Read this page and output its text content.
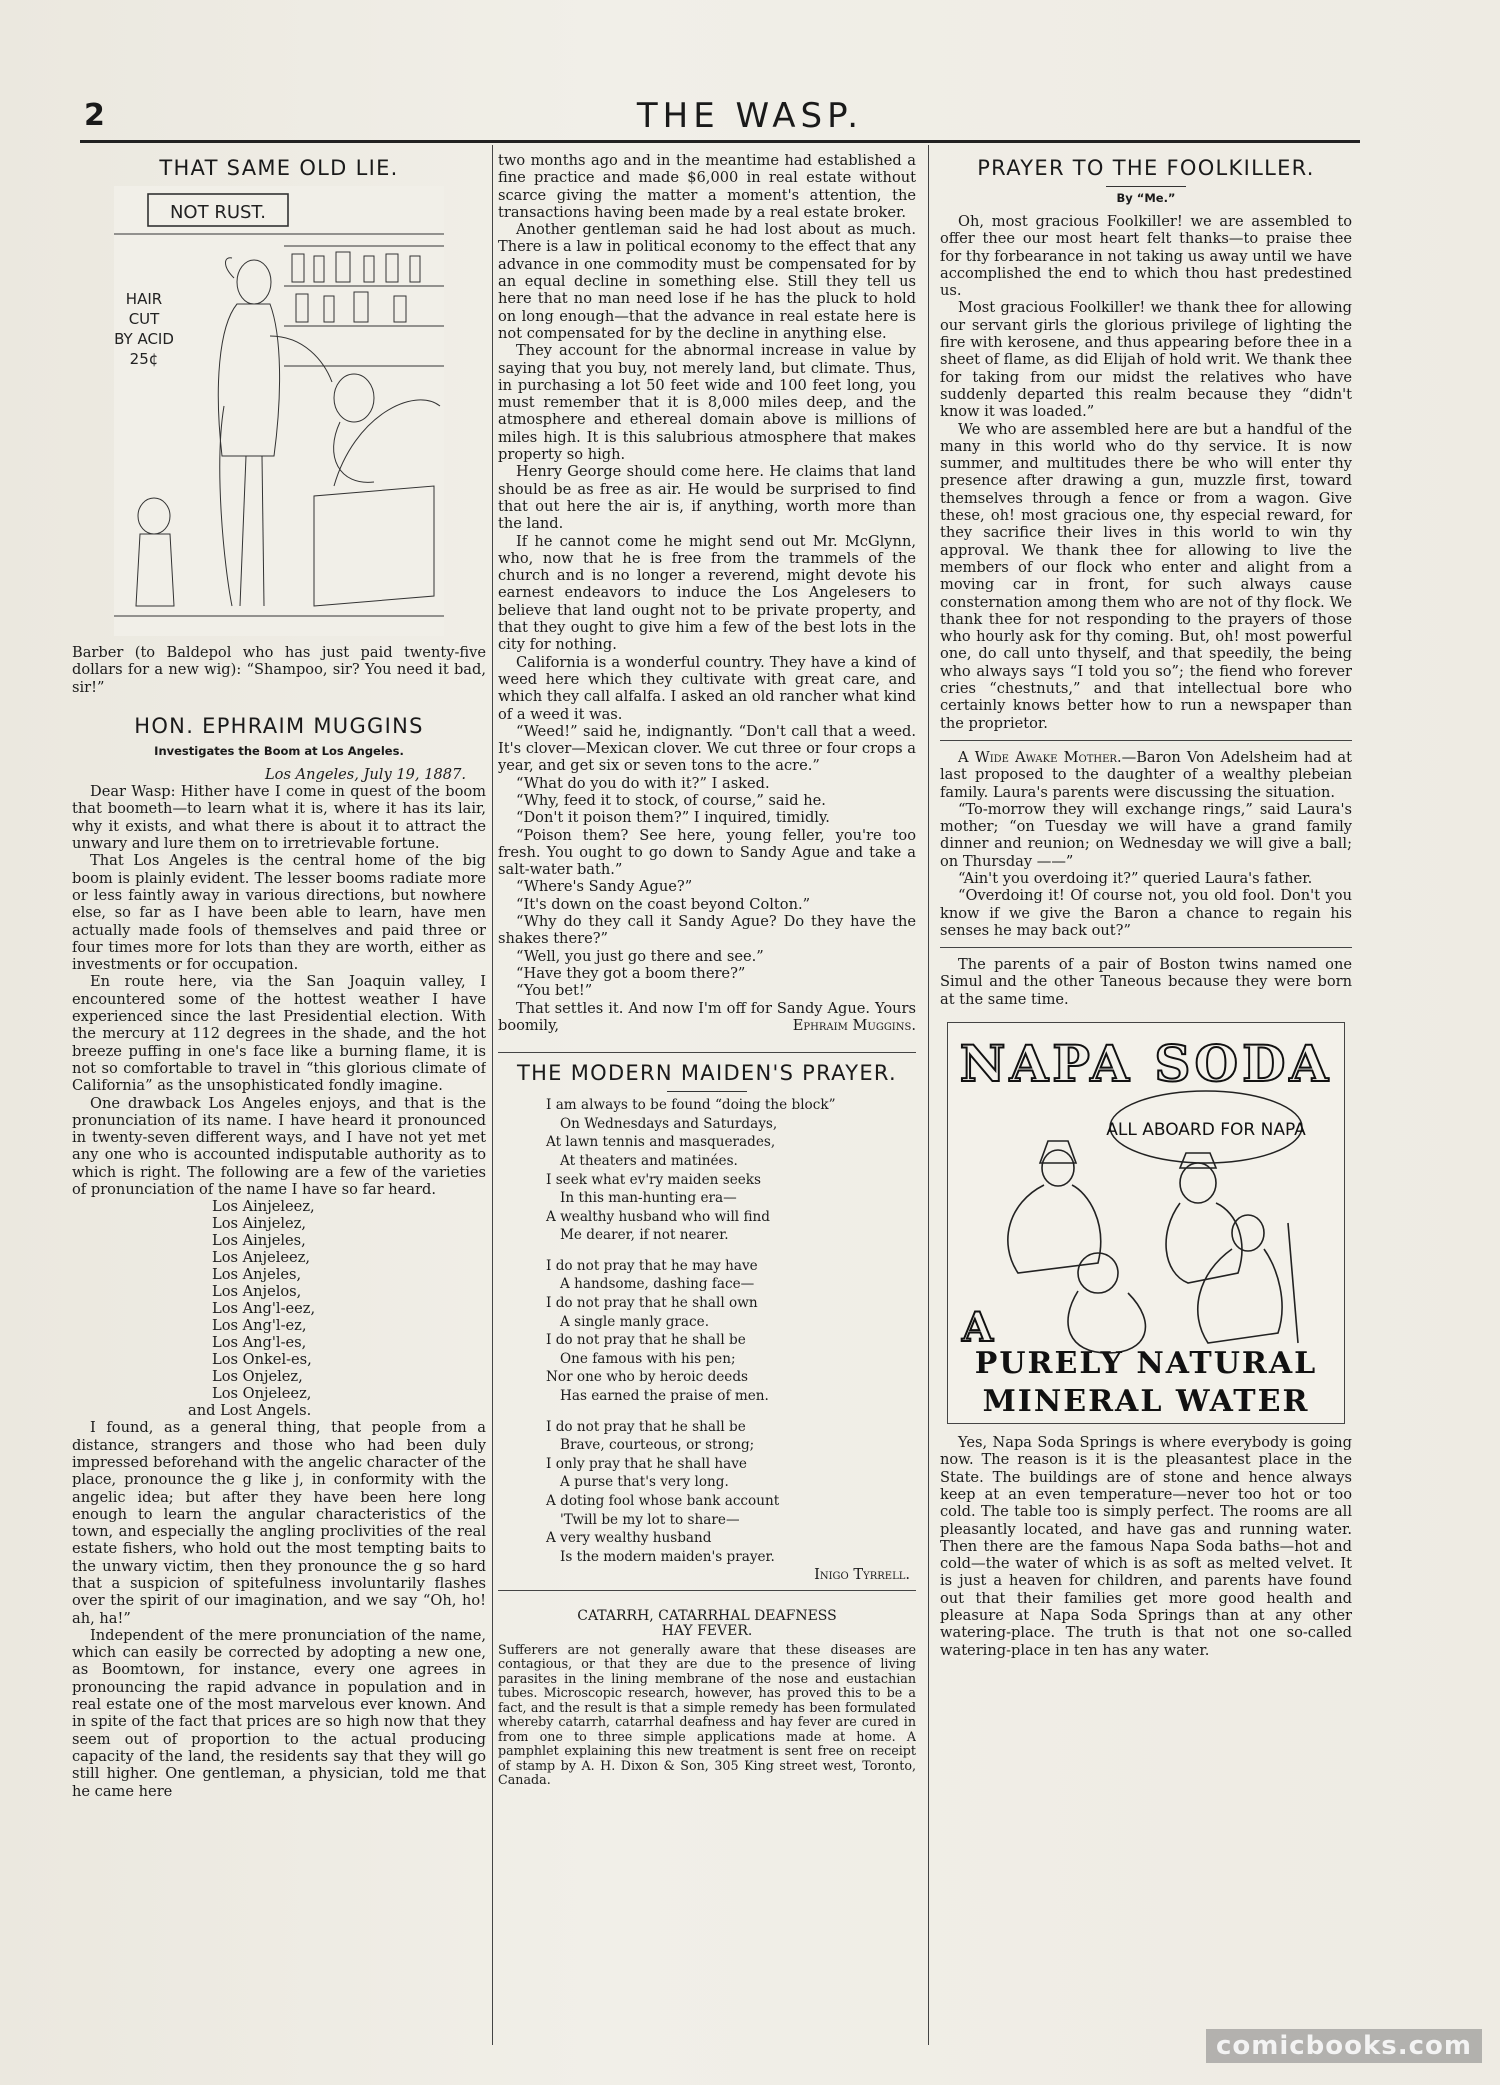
2	THE WASP.
THAT SAME OLD LIE.
NOT RUST.
HAIR
CUT
BY ACID
25¢

Barber (to Baldepol who has just paid twenty-five dollars for a new wig): “Shampoo, sir? You need it bad, sir!”

HON. EPHRAIM MUGGINS
Investigates the Boom at Los Angeles.
Los Angeles, July 19, 1887.

Dear Wasp: Hither have I come in quest of the boom that boometh—to learn what it is, where it has its lair, why it exists, and what there is about it to attract the unwary and lure them on to irretrievable fortune.

That Los Angeles is the central home of the big boom is plainly evident. The lesser booms radiate more or less faintly away in various directions, but nowhere else, so far as I have been able to learn, have men actually made fools of themselves and paid three or four times more for lots than they are worth, either as investments or for occupation.

En route here, via the San Joaquin valley, I encountered some of the hottest weather I have experienced since the last Presidential election. With the mercury at 112 degrees in the shade, and the hot breeze puffing in one's face like a burning flame, it is not so comfortable to travel in “this glorious climate of California” as the unsophisticated fondly imagine.

One drawback Los Angeles enjoys, and that is the pronunciation of its name. I have heard it pronounced in twenty-seven different ways, and I have not yet met any one who is accounted indisputable authority as to which is right. The following are a few of the varieties of pronunciation of the name I have so far heard.

Los Ainjeleez,
Los Ainjelez,
Los Ainjeles,
Los Anjeleez,
Los Anjeles,
Los Anjelos,
Los Ang'l-eez,
Los Ang'l-ez,
Los Ang'l-es,
Los Onkel-es,
Los Onjelez,
Los Onjeleez,
and Lost Angels.

I found, as a general thing, that people from a distance, strangers and those who had been duly impressed beforehand with the angelic character of the place, pronounce the g like j, in conformity with the angelic idea; but after they have been here long enough to learn the angular characteristics of the town, and especially the angling proclivities of the real estate fishers, who hold out the most tempting baits to the unwary victim, then they pronounce the g so hard that a suspicion of spitefulness involuntarily flashes over the spirit of our imagination, and we say “Oh, ho! ah, ha!”

Independent of the mere pronunciation of the name, which can easily be corrected by adopting a new one, as Boomtown, for instance, every one agrees in pronouncing the rapid advance in population and in real estate one of the most marvelous ever known. And in spite of the fact that prices are so high now that they seem out of proportion to the actual producing capacity of the land, the residents say that they will go still higher. One gentleman, a physician, told me that he came here

two months ago and in the meantime had established a fine practice and made $6,000 in real estate without scarce giving the matter a moment's attention, the transactions having been made by a real estate broker.

Another gentleman said he had lost about as much. There is a law in political economy to the effect that any advance in one commodity must be compensated for by an equal decline in something else. Still they tell us here that no man need lose if he has the pluck to hold on long enough—that the advance in real estate here is not compensated for by the decline in anything else.

They account for the abnormal increase in value by saying that you buy, not merely land, but climate. Thus, in purchasing a lot 50 feet wide and 100 feet long, you must remember that it is 8,000 miles deep, and the atmosphere and ethereal domain above is millions of miles high. It is this salubrious atmosphere that makes property so high.

Henry George should come here. He claims that land should be as free as air. He would be surprised to find that out here the air is, if anything, worth more than the land.

If he cannot come he might send out Mr. McGlynn, who, now that he is free from the trammels of the church and is no longer a reverend, might devote his earnest endeavors to induce the Los Angelesers to believe that land ought not to be private property, and that they ought to give him a few of the best lots in the city for nothing.

California is a wonderful country. They have a kind of weed here which they cultivate with great care, and which they call alfalfa. I asked an old rancher what kind of a weed it was.

“Weed!” said he, indignantly. “Don't call that a weed. It's clover—Mexican clover. We cut three or four crops a year, and get six or seven tons to the acre.”

“What do you do with it?” I asked.

“Why, feed it to stock, of course,” said he.

“Don't it poison them?” I inquired, timidly.

“Poison them? See here, young feller, you're too fresh. You ought to go down to Sandy Ague and take a salt-water bath.”

“Where's Sandy Ague?”

“It's down on the coast beyond Colton.”

“Why do they call it Sandy Ague? Do they have the shakes there?”

“Well, you just go there and see.”

“Have they got a boom there?”

“You bet!”

That settles it. And now I'm off for Sandy Ague. Yours boomily,	Ephraim Muggins.

THE MODERN MAIDEN'S PRAYER.
I am always to be found “doing the block”
On Wednesdays and Saturdays,
At lawn tennis and masquerades,
At theaters and matinées.
I seek what ev'ry maiden seeks
In this man-hunting era—
A wealthy husband who will find
Me dearer, if not nearer.
I do not pray that he may have
A handsome, dashing face—
I do not pray that he shall own
A single manly grace.
I do not pray that he shall be
One famous with his pen;
Nor one who by heroic deeds
Has earned the praise of men.
I do not pray that he shall be
Brave, courteous, or strong;
I only pray that he shall have
A purse that's very long.
A doting fool whose bank account
'Twill be my lot to share—
A very wealthy husband
Is the modern maiden's prayer.
Inigo Tyrrell.
CATARRH, CATARRHAL DEAFNESS
HAY FEVER.
Sufferers are not generally aware that these diseases are contagious, or that they are due to the presence of living parasites in the lining membrane of the nose and eustachian tubes. Microscopic research, however, has proved this to be a fact, and the result is that a simple remedy has been formulated whereby catarrh, catarrhal deafness and hay fever are cured in from one to three simple applications made at home. A pamphlet explaining this new treatment is sent free on receipt of stamp by A. H. Dixon & Son, 305 King street west, Toronto, Canada.
PRAYER TO THE FOOLKILLER.
By “Me.”

Oh, most gracious Foolkiller! we are assembled to offer thee our most heart felt thanks—to praise thee for thy forbearance in not taking us away until we have accomplished the end to which thou hast predestined us.

Most gracious Foolkiller! we thank thee for allowing our servant girls the glorious privilege of lighting the fire with kerosene, and thus appearing before thee in a sheet of flame, as did Elijah of hold writ. We thank thee for taking from our midst the relatives who have suddenly departed this realm because they “didn't know it was loaded.”

We who are assembled here are but a handful of the many in this world who do thy service. It is now summer, and multitudes there be who will enter thy presence after drawing a gun, muzzle first, toward themselves through a fence or from a wagon. Give these, oh! most gracious one, thy especial reward, for they sacrifice their lives in this world to win thy approval. We thank thee for allowing to live the members of our flock who enter and alight from a moving car in front, for such always cause consternation among them who are not of thy flock. We thank thee for not responding to the prayers of those who hourly ask for thy coming. But, oh! most powerful one, do call unto thyself, and that speedily, the being who always says “I told you so”; the fiend who forever cries “chestnuts,” and that intellectual bore who certainly knows better how to run a newspaper than the proprietor.

A Wide Awake Mother.—Baron Von Adelsheim had at last proposed to the daughter of a wealthy plebeian family. Laura's parents were discussing the situation.

“To-morrow they will exchange rings,” said Laura's mother; “on Tuesday we will have a grand family dinner and reunion; on Wednesday we will give a ball; on Thursday ——”

“Ain't you overdoing it?” queried Laura's father.

“Overdoing it! Of course not, you old fool. Don't you know if we give the Baron a chance to regain his senses he may back out?”

The parents of a pair of Boston twins named one Simul and the other Taneous because they were born at the same time.

NAPA SODA
ALL ABOARD FOR NAPA
A
PURELY NATURAL
MINERAL WATER

Yes, Napa Soda Springs is where everybody is going now. The reason is it is the pleasantest place in the State. The buildings are of stone and hence always keep at an even temperature—never too hot or too cold. The table too is simply perfect. The rooms are all pleasantly located, and have gas and running water. Then there are the famous Napa Soda baths—hot and cold—the water of which is as soft as melted velvet. It is just a heaven for children, and parents have found out that their families get more good health and pleasure at Napa Soda Springs than at any other watering-place. The truth is that not one so-called watering-place in ten has any water.

comicbooks.com
